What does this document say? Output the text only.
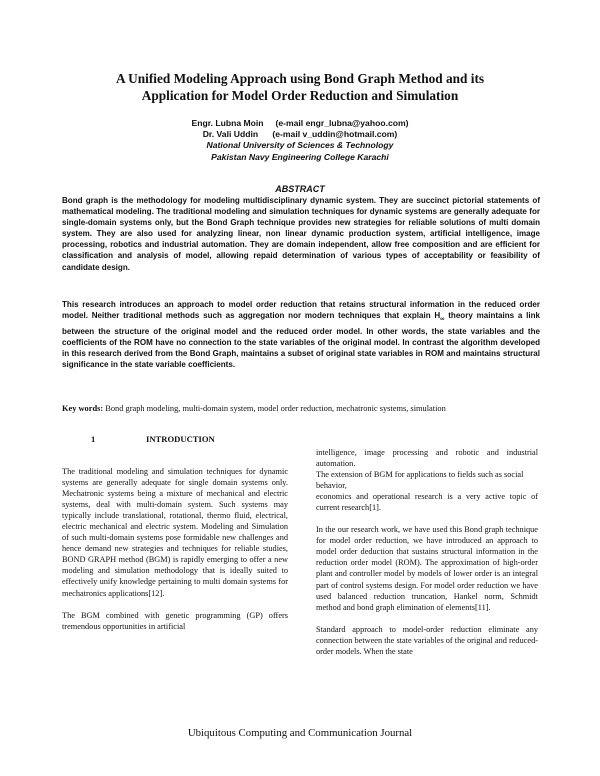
A Unified Modeling Approach using Bond Graph Method and its
Application for Model Order Reduction and Simulation
Engr. Lubna Moin     (e-mail engr_lubna@yahoo.com)
Dr. Vali Uddin      (e-mail v_uddin@hotmail.com)
National University of Sciences & Technology
Pakistan Navy Engineering College Karachi
ABSTRACT
Bond graph is the methodology for modeling multidisciplinary dynamic system. They are succinct pictorial statements of mathematical modeling. The traditional modeling and simulation techniques for dynamic systems are generally adequate for single-domain systems only, but the Bond Graph technique provides new strategies for reliable solutions of multi domain system. They are also used for analyzing linear, non linear dynamic production system, artificial intelligence, image processing, robotics and industrial automation. They are domain independent, allow free composition and are efficient for classification and analysis of model, allowing repaid determination of various types of acceptability or feasibility of candidate design.
This research introduces an approach to model order reduction that retains structural information in the reduced order model. Neither traditional methods such as aggregation nor modern techniques that explain $H_\infty$ theory maintains a link between the structure of the original model and the reduced order model. In other words, the state variables and the coefficients of the ROM have no connection to the state variables of the original model. In contrast the algorithm developed in this research derived from the Bond Graph, maintains a subset of original state variables in ROM and maintains structural significance in the state variable coefficients.
Key words: Bond graph modeling, multi-domain system, model order reduction, mechatronic systems, simulation
1	INTRODUCTION

The traditional modeling and simulation techniques for dynamic systems are generally adequate for single domain systems only. Mechatronic systems being a mixture of mechanical and electric systems, deal with multi-domain system. Such systems may typically include translational, rotational, thermo fluid, electrical, electric mechanical and electric system. Modeling and Simulation of such multi-domain systems pose formidable new challenges and hence demand new strategies and techniques for reliable studies, BOND GRAPH method (BGM) is rapidly emerging to offer a new modeling and simulation methodology that is ideally suited to effectively unify knowledge pertaining to multi domain systems for mechatronics applications[12].

The BGM combined with genetic programming (GP) offers tremendous opportunities in artificial

intelligence, image processing and robotic and industrial automation.

The extension of BGM for applications to fields such as social behavior,

economics and operational research is a very active topic of current research[1].

In the our research work, we have used this Bond graph technique for model order reduction, we have introduced an approach to model order deduction that sustains structural information in the reduction order model (ROM). The approximation of high-order plant and controller model by models of lower order is an integral part of control systems design. For model order reduction we have used balanced reduction truncation, Hankel norm, Schmidt method and bond graph elimination of elements[11].

Standard approach to model-order reduction eliminate any connection between the state variables of the original and reduced-order models. When the state

Ubiquitous Computing and Communication Journal
